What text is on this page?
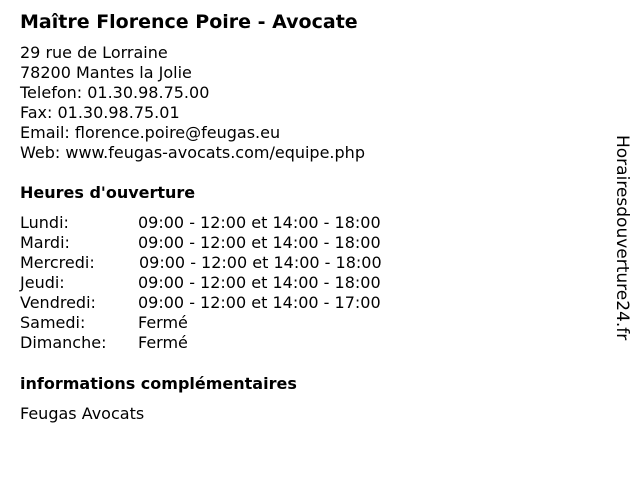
Maître Florence Poire - Avocate
29 rue de Lorraine
78200 Mantes la Jolie
Telefon: 01.30.98.75.00
Fax: 01.30.98.75.01
Email: florence.poire@feugas.eu
Web: www.feugas-avocats.com/equipe.php
Heures d'ouverture
Lundi:	09:00 - 12:00 et 14:00 - 18:00
Mardi:	09:00 - 12:00 et 14:00 - 18:00
Mercredi:	09:00 - 12:00 et 14:00 - 18:00
Jeudi:	09:00 - 12:00 et 14:00 - 18:00
Vendredi:	09:00 - 12:00 et 14:00 - 17:00
Samedi:	Fermé
Dimanche: Fermé
informations complémentaires
Feugas Avocats
Horairesdouverture24.fr
